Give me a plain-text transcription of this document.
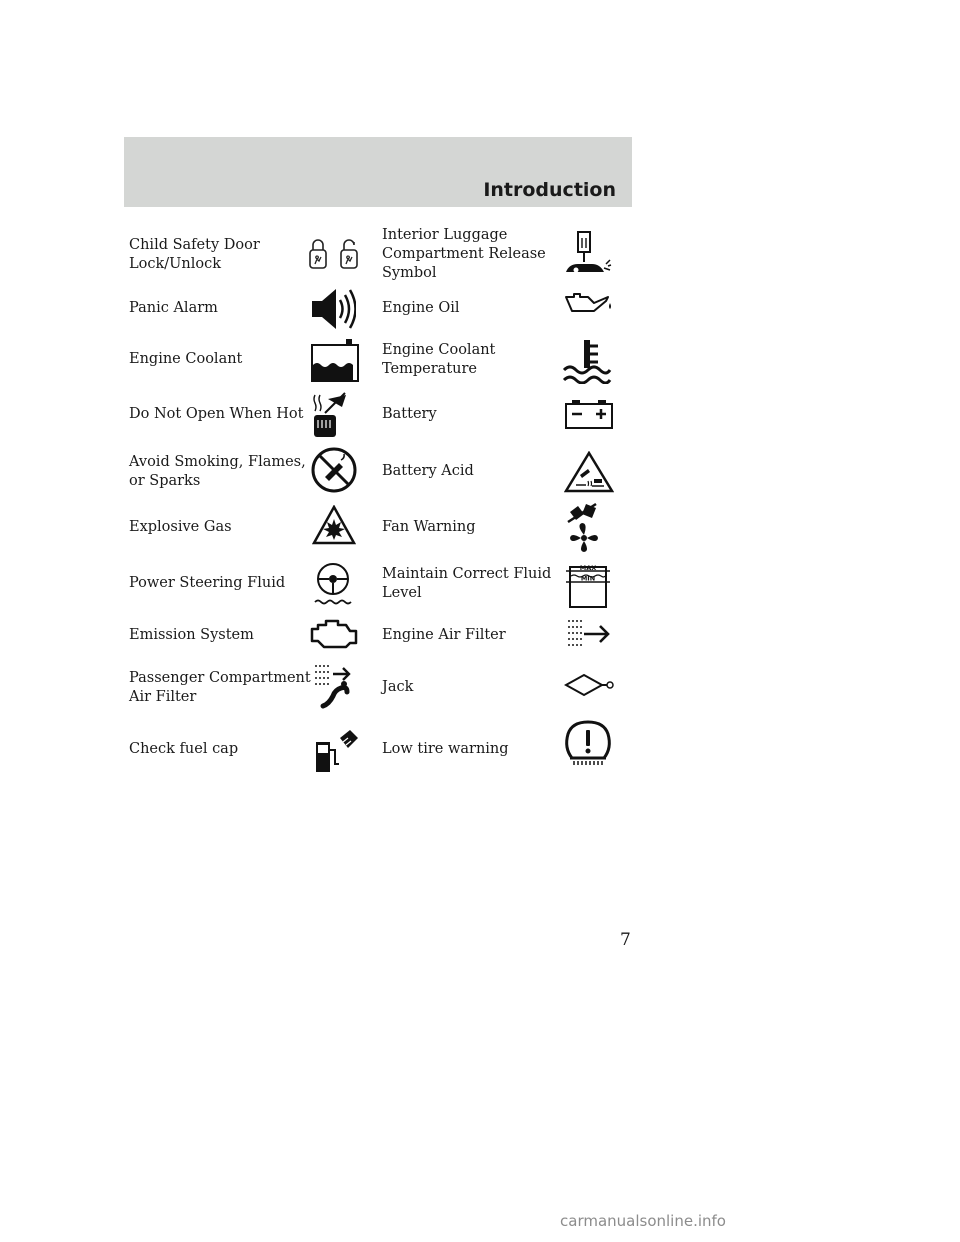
Introduction
Child Safety Door
Lock/Unlock
Panic Alarm
Engine Coolant
Do Not Open When Hot
Avoid Smoking, Flames,
or Sparks
Explosive Gas
Power Steering Fluid
Emission System
Passenger Compartment
Air Filter
Check fuel cap
Interior Luggage
Compartment Release
Symbol
Engine Oil
Engine Coolant
Temperature
Battery
Battery Acid
Fan Warning
Maintain Correct Fluid
Level
Engine Air Filter
Jack
Low tire warning
MAX
MIN
7
carmanualsonline.info
